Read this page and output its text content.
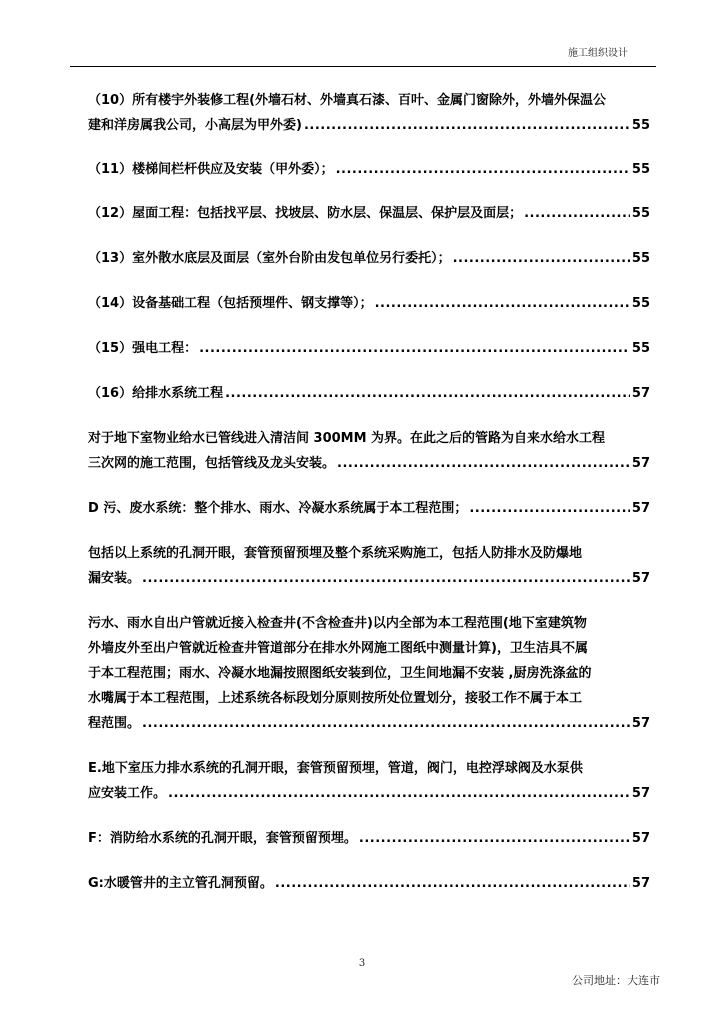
施工组织设计
（10）所有楼宇外装修工程(外墙石材、外墙真石漆、百叶、金属门窗除外，外墙外保温公
建和洋房属我公司，小高层为甲外委) .....	55
（11）楼梯间栏杆供应及安装（甲外委）； .....	55
（12）屋面工程：包括找平层、找坡层、防水层、保温层、保护层及面层； .....	55
（13）室外散水底层及面层（室外台阶由发包单位另行委托）； .....	55
（14）设备基础工程（包括预埋件、钢支撑等）； .....	55
（15）强电工程： .....	55
（16）给排水系统工程 .....	57
对于地下室物业给水已管线进入清洁间 300MM 为界。在此之后的管路为自来水给水工程
三次网的施工范围，包括管线及龙头安装。 .....	57
D 污、废水系统：整个排水、雨水、冷凝水系统属于本工程范围； .....	57
包括以上系统的孔洞开眼，套管预留预埋及整个系统采购施工，包括人防排水及防爆地
漏安装。 .....	57
污水、雨水自出户管就近接入检查井(不含检查井)以内全部为本工程范围(地下室建筑物
外墙皮外至出户管就近检查井管道部分在排水外网施工图纸中测量计算)，卫生洁具不属
于本工程范围；雨水、冷凝水地漏按照图纸安装到位，卫生间地漏不安装 ,厨房洗涤盆的
水嘴属于本工程范围，上述系统各标段划分原则按所处位置划分，接驳工作不属于本工
程范围。 .....	57
E.地下室压力排水系统的孔洞开眼，套管预留预埋，管道，阀门，电控浮球阀及水泵供
应安装工作。 .....	57
F：消防给水系统的孔洞开眼，套管预留预埋。 .....	57
G:水暖管井的主立管孔洞预留。 .....	57
3
公司地址：大连市
